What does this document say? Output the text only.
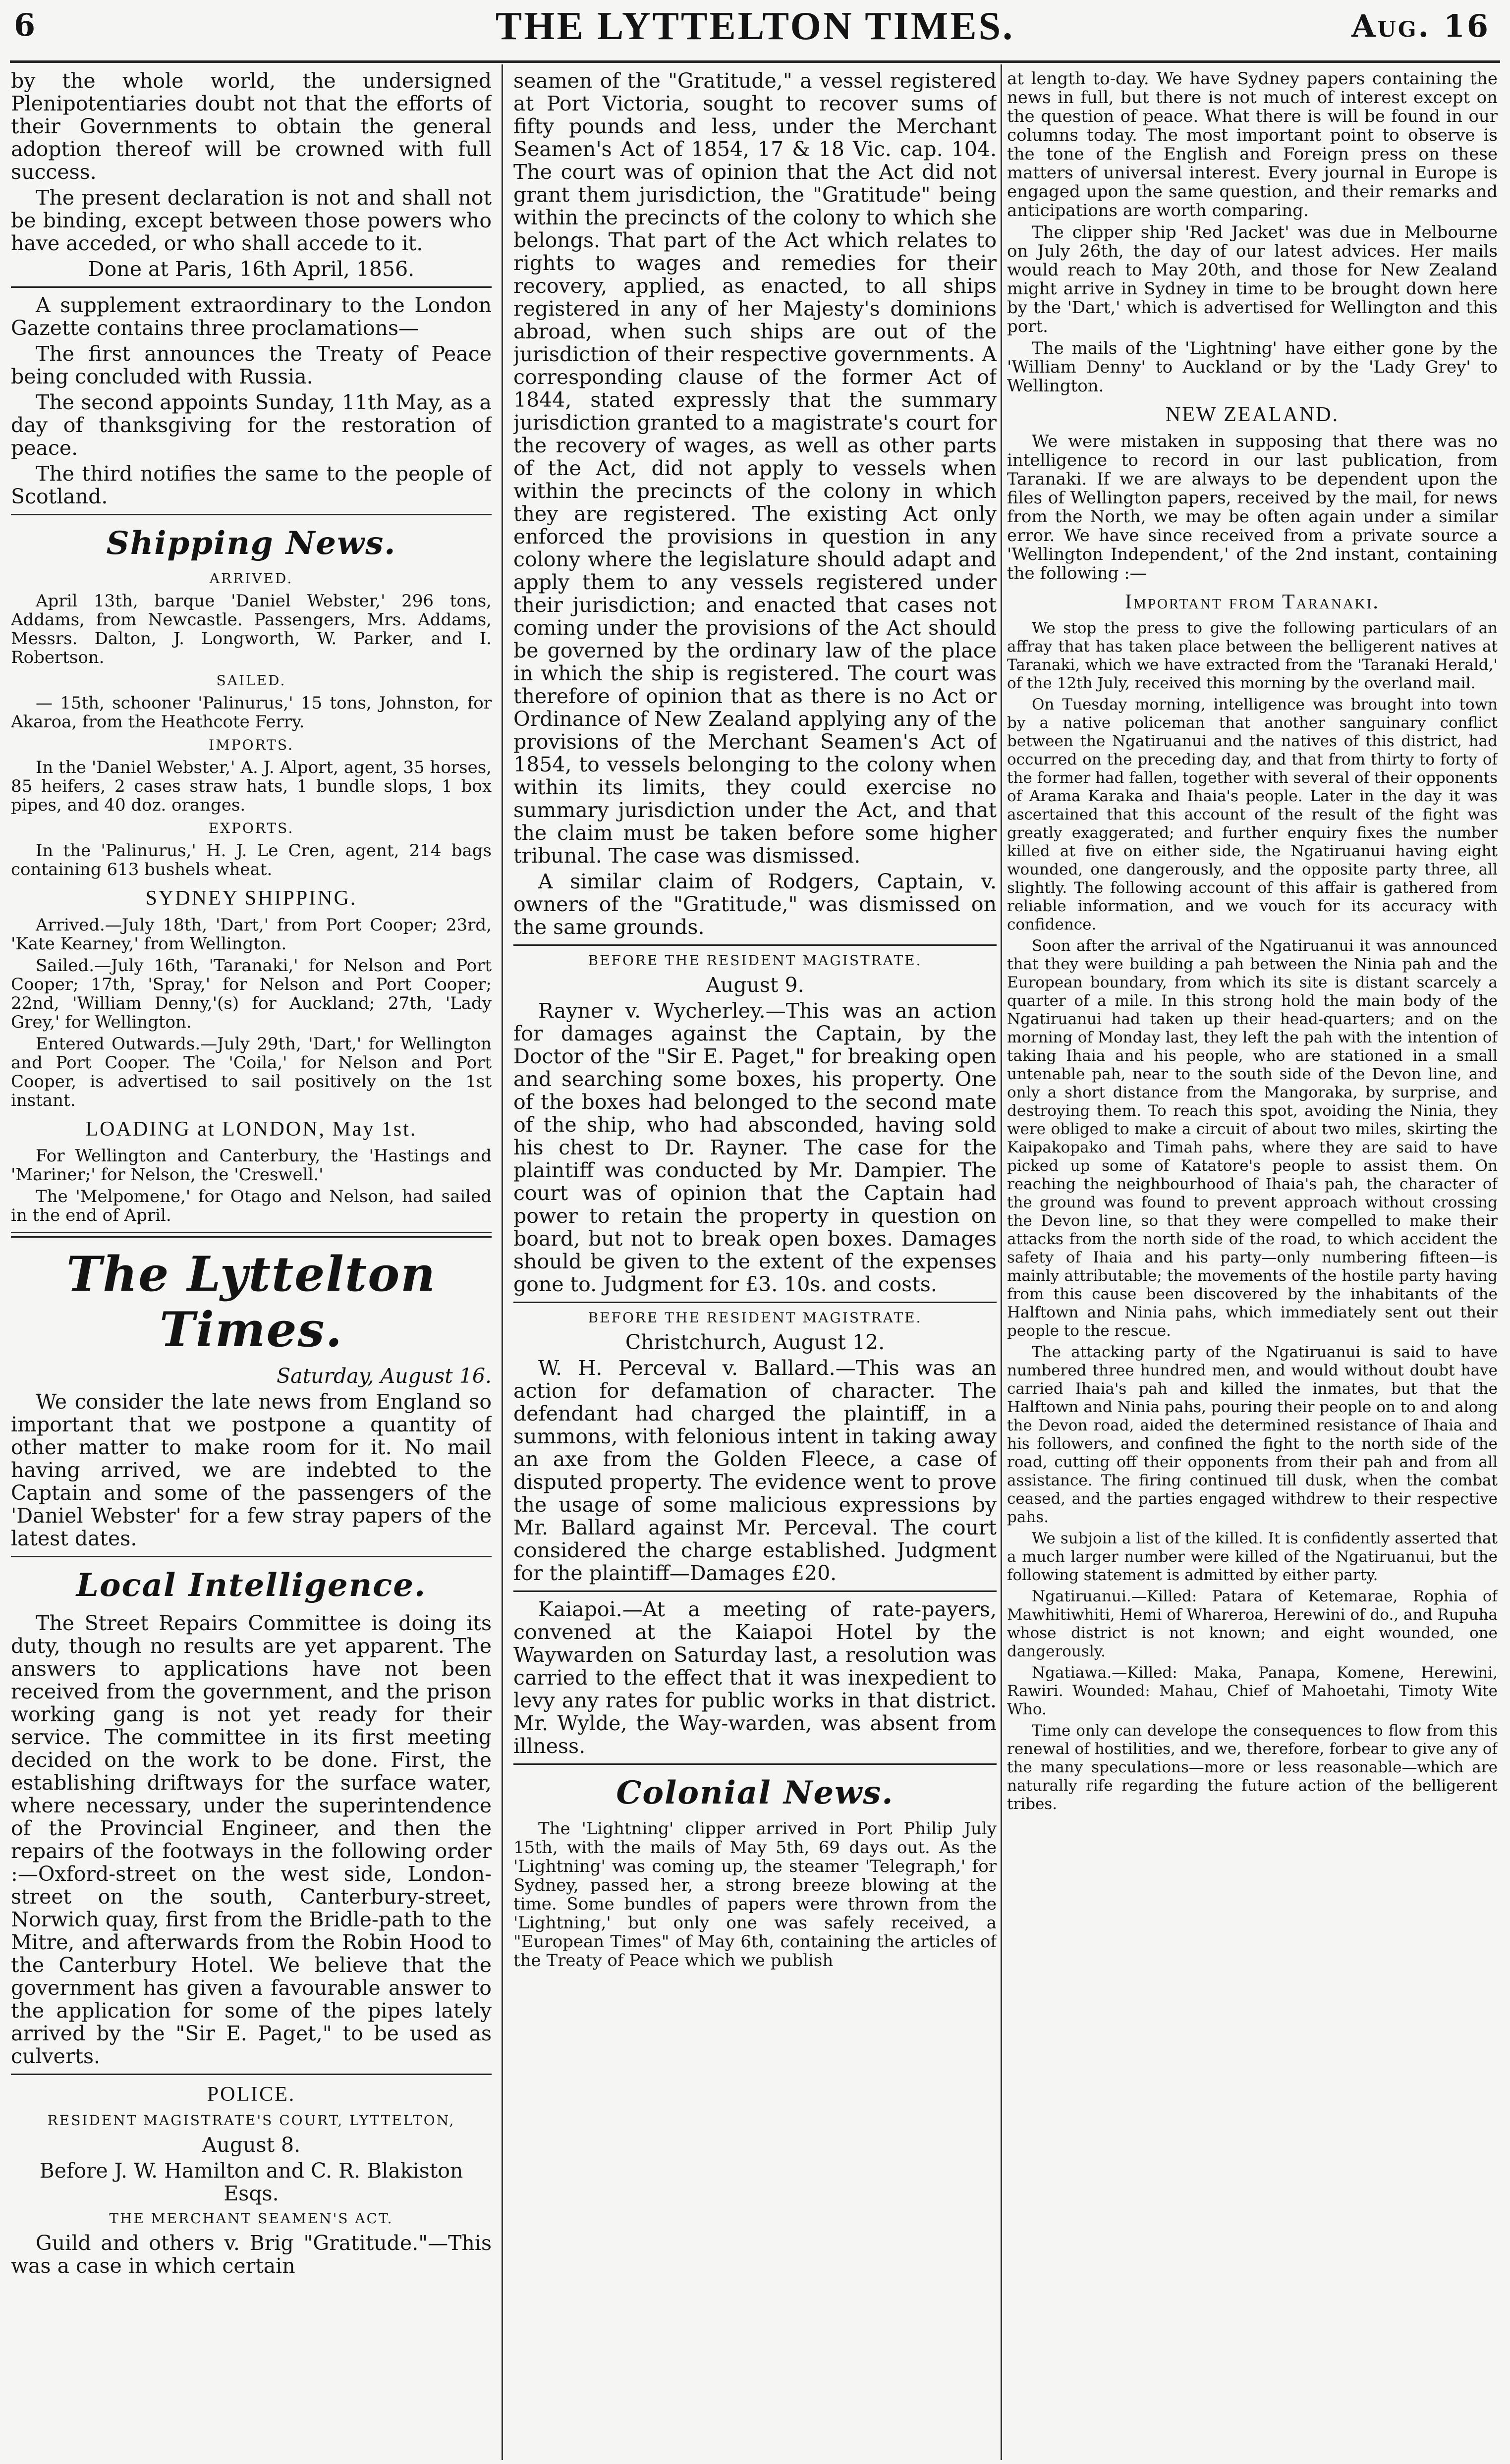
6	THE LYTTELTON TIMES.	Aug. 16

by the whole world, the undersigned Plenipotentiaries doubt not that the efforts of their Governments to obtain the general adoption thereof will be crowned with full success.

The present declaration is not and shall not be binding, except between those powers who have acceded, or who shall accede to it.

Done at Paris, 16th April, 1856.

A supplement extraordinary to the London Gazette contains three proclamations—

The first announces the Treaty of Peace being concluded with Russia.

The second appoints Sunday, 11th May, as a day of thanksgiving for the restoration of peace.

The third notifies the same to the people of Scotland.

Shipping News.
ARRIVED.

April 13th, barque 'Daniel Webster,' 296 tons, Addams, from Newcastle. Passengers, Mrs. Addams, Messrs. Dalton, J. Longworth, W. Parker, and I. Robertson.

SAILED.

— 15th, schooner 'Palinurus,' 15 tons, Johnston, for Akaroa, from the Heathcote Ferry.

IMPORTS.

In the 'Daniel Webster,' A. J. Alport, agent, 35 horses, 85 heifers, 2 cases straw hats, 1 bundle slops, 1 box pipes, and 40 doz. oranges.

EXPORTS.

In the 'Palinurus,' H. J. Le Cren, agent, 214 bags containing 613 bushels wheat.

SYDNEY SHIPPING.

Arrived.—July 18th, 'Dart,' from Port Cooper; 23rd, 'Kate Kearney,' from Wellington.

Sailed.—July 16th, 'Taranaki,' for Nelson and Port Cooper; 17th, 'Spray,' for Nelson and Port Cooper; 22nd, 'William Denny,'(s) for Auckland; 27th, 'Lady Grey,' for Wellington.

Entered Outwards.—July 29th, 'Dart,' for Wellington and Port Cooper. The 'Coila,' for Nelson and Port Cooper, is advertised to sail positively on the 1st instant.

LOADING at LONDON, May 1st.

For Wellington and Canterbury, the 'Hastings and 'Mariner;' for Nelson, the 'Creswell.'

The 'Melpomene,' for Otago and Nelson, had sailed in the end of April.

The Lyttelton Times.

Saturday, August 16.

We consider the late news from England so important that we postpone a quantity of other matter to make room for it. No mail having arrived, we are indebted to the Captain and some of the passengers of the 'Daniel Webster' for a few stray papers of the latest dates.

Local Intelligence.

The Street Repairs Committee is doing its duty, though no results are yet apparent. The answers to applications have not been received from the government, and the prison working gang is not yet ready for their service. The committee in its first meeting decided on the work to be done. First, the establishing driftways for the surface water, where necessary, under the superintendence of the Provincial Engineer, and then the repairs of the footways in the following order :—Oxford-street on the west side, London-street on the south, Canterbury-street, Norwich quay, first from the Bridle-path to the Mitre, and afterwards from the Robin Hood to the Canterbury Hotel. We believe that the government has given a favourable answer to the application for some of the pipes lately arrived by the "Sir E. Paget," to be used as culverts.

POLICE.
RESIDENT MAGISTRATE'S COURT, LYTTELTON,

August 8.

Before J. W. Hamilton and C. R. Blakiston Esqs.

THE MERCHANT SEAMEN'S ACT.

Guild and others v. Brig "Gratitude."—This was a case in which certain

seamen of the "Gratitude," a vessel registered at Port Victoria, sought to recover sums of fifty pounds and less, under the Merchant Seamen's Act of 1854, 17 & 18 Vic. cap. 104. The court was of opinion that the Act did not grant them jurisdiction, the "Gratitude" being within the precincts of the colony to which she belongs. That part of the Act which relates to rights to wages and remedies for their recovery, applied, as enacted, to all ships registered in any of her Majesty's dominions abroad, when such ships are out of the jurisdiction of their respective governments. A corresponding clause of the former Act of 1844, stated expressly that the summary jurisdiction granted to a magistrate's court for the recovery of wages, as well as other parts of the Act, did not apply to vessels when within the precincts of the colony in which they are registered. The existing Act only enforced the provisions in question in any colony where the legislature should adapt and apply them to any vessels registered under their jurisdiction; and enacted that cases not coming under the provisions of the Act should be governed by the ordinary law of the place in which the ship is registered. The court was therefore of opinion that as there is no Act or Ordinance of New Zealand applying any of the provisions of the Merchant Seamen's Act of 1854, to vessels belonging to the colony when within its limits, they could exercise no summary jurisdiction under the Act, and that the claim must be taken before some higher tribunal. The case was dismissed.

A similar claim of Rodgers, Captain, v. owners of the "Gratitude," was dismissed on the same grounds.

BEFORE THE RESIDENT MAGISTRATE.

August 9.

Rayner v. Wycherley.—This was an action for damages against the Captain, by the Doctor of the "Sir E. Paget," for breaking open and searching some boxes, his property. One of the boxes had belonged to the second mate of the ship, who had absconded, having sold his chest to Dr. Rayner. The case for the plaintiff was conducted by Mr. Dampier. The court was of opinion that the Captain had power to retain the property in question on board, but not to break open boxes. Damages should be given to the extent of the expenses gone to. Judgment for £3. 10s. and costs.

BEFORE THE RESIDENT MAGISTRATE.

Christchurch, August 12.

W. H. Perceval v. Ballard.—This was an action for defamation of character. The defendant had charged the plaintiff, in a summons, with felonious intent in taking away an axe from the Golden Fleece, a case of disputed property. The evidence went to prove the usage of some malicious expressions by Mr. Ballard against Mr. Perceval. The court considered the charge established. Judgment for the plaintiff—Damages £20.

Kaiapoi.—At a meeting of rate-payers, convened at the Kaiapoi Hotel by the Waywarden on Saturday last, a resolution was carried to the effect that it was inexpedient to levy any rates for public works in that district. Mr. Wylde, the Way-warden, was absent from illness.

Colonial News.

The 'Lightning' clipper arrived in Port Philip July 15th, with the mails of May 5th, 69 days out. As the 'Lightning' was coming up, the steamer 'Telegraph,' for Sydney, passed her, a strong breeze blowing at the time. Some bundles of papers were thrown from the 'Lightning,' but only one was safely received, a "European Times" of May 6th, containing the articles of the Treaty of Peace which we publish

at length to-day. We have Sydney papers containing the news in full, but there is not much of interest except on the question of peace. What there is will be found in our columns today. The most important point to observe is the tone of the English and Foreign press on these matters of universal interest. Every journal in Europe is engaged upon the same question, and their remarks and anticipations are worth comparing.

The clipper ship 'Red Jacket' was due in Melbourne on July 26th, the day of our latest advices. Her mails would reach to May 20th, and those for New Zealand might arrive in Sydney in time to be brought down here by the 'Dart,' which is advertised for Wellington and this port.

The mails of the 'Lightning' have either gone by the 'William Denny' to Auckland or by the 'Lady Grey' to Wellington.

NEW ZEALAND.

We were mistaken in supposing that there was no intelligence to record in our last publication, from Taranaki. If we are always to be dependent upon the files of Wellington papers, received by the mail, for news from the North, we may be often again under a similar error. We have since received from a private source a 'Wellington Independent,' of the 2nd instant, containing the following :—

Important from Taranaki.

We stop the press to give the following particulars of an affray that has taken place between the belligerent natives at Taranaki, which we have extracted from the 'Taranaki Herald,' of the 12th July, received this morning by the overland mail.

On Tuesday morning, intelligence was brought into town by a native policeman that another sanguinary conflict between the Ngatiruanui and the natives of this district, had occurred on the preceding day, and that from thirty to forty of the former had fallen, together with several of their opponents of Arama Karaka and Ihaia's people. Later in the day it was ascertained that this account of the result of the fight was greatly exaggerated; and further enquiry fixes the number killed at five on either side, the Ngatiruanui having eight wounded, one dangerously, and the opposite party three, all slightly. The following account of this affair is gathered from reliable information, and we vouch for its accuracy with confidence.

Soon after the arrival of the Ngatiruanui it was announced that they were building a pah between the Ninia pah and the European boundary, from which its site is distant scarcely a quarter of a mile. In this strong hold the main body of the Ngatiruanui had taken up their head-quarters; and on the morning of Monday last, they left the pah with the intention of taking Ihaia and his people, who are stationed in a small untenable pah, near to the south side of the Devon line, and only a short distance from the Mangoraka, by surprise, and destroying them. To reach this spot, avoiding the Ninia, they were obliged to make a circuit of about two miles, skirting the Kaipakopako and Timah pahs, where they are said to have picked up some of Katatore's people to assist them. On reaching the neighbourhood of Ihaia's pah, the character of the ground was found to prevent approach without crossing the Devon line, so that they were compelled to make their attacks from the north side of the road, to which accident the safety of Ihaia and his party—only numbering fifteen—is mainly attributable; the movements of the hostile party having from this cause been discovered by the inhabitants of the Halftown and Ninia pahs, which immediately sent out their people to the rescue.

The attacking party of the Ngatiruanui is said to have numbered three hundred men, and would without doubt have carried Ihaia's pah and killed the inmates, but that the Halftown and Ninia pahs, pouring their people on to and along the Devon road, aided the determined resistance of Ihaia and his followers, and confined the fight to the north side of the road, cutting off their opponents from their pah and from all assistance. The firing continued till dusk, when the combat ceased, and the parties engaged withdrew to their respective pahs.

We subjoin a list of the killed. It is confidently asserted that a much larger number were killed of the Ngatiruanui, but the following statement is admitted by either party.

Ngatiruanui.—Killed: Patara of Ketemarae, Rophia of Mawhitiwhiti, Hemi of Whareroa, Herewini of do., and Rupuha whose district is not known; and eight wounded, one dangerously.

Ngatiawa.—Killed: Maka, Panapa, Komene, Herewini, Rawiri. Wounded: Mahau, Chief of Mahoetahi, Timoty Wite Who.

Time only can develope the consequences to flow from this renewal of hostilities, and we, therefore, forbear to give any of the many speculations—more or less reasonable—which are naturally rife regarding the future action of the belligerent tribes.
